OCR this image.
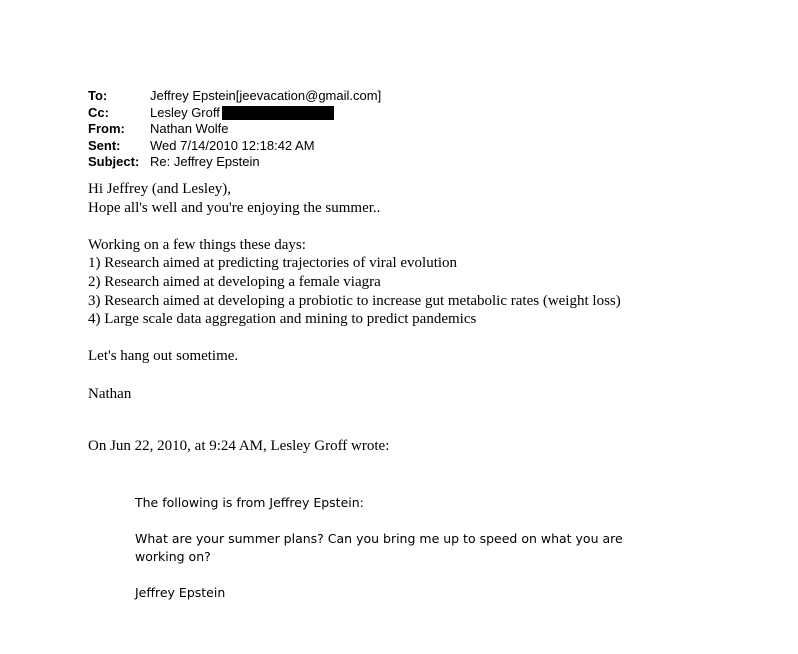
To:	Jeffrey Epstein[jeevacation@gmail.com]
Cc:	Lesley Groff
From:	Nathan Wolfe
Sent:	Wed 7/14/2010 12:18:42 AM
Subject: Re: Jeffrey Epstein
Hi Jeffrey (and Lesley),
Hope all's well and you're enjoying the summer..
Working on a few things these days:
1) Research aimed at predicting trajectories of viral evolution
2) Research aimed at developing a female viagra
3) Research aimed at developing a probiotic to increase gut metabolic rates (weight loss)
4) Large scale data aggregation and mining to predict pandemics
Let's hang out sometime.
Nathan
On Jun 22, 2010, at 9:24 AM, Lesley Groff wrote:
The following is from Jeffrey Epstein:
What are your summer plans? Can you bring me up to speed on what you are working on?
Jeffrey Epstein
